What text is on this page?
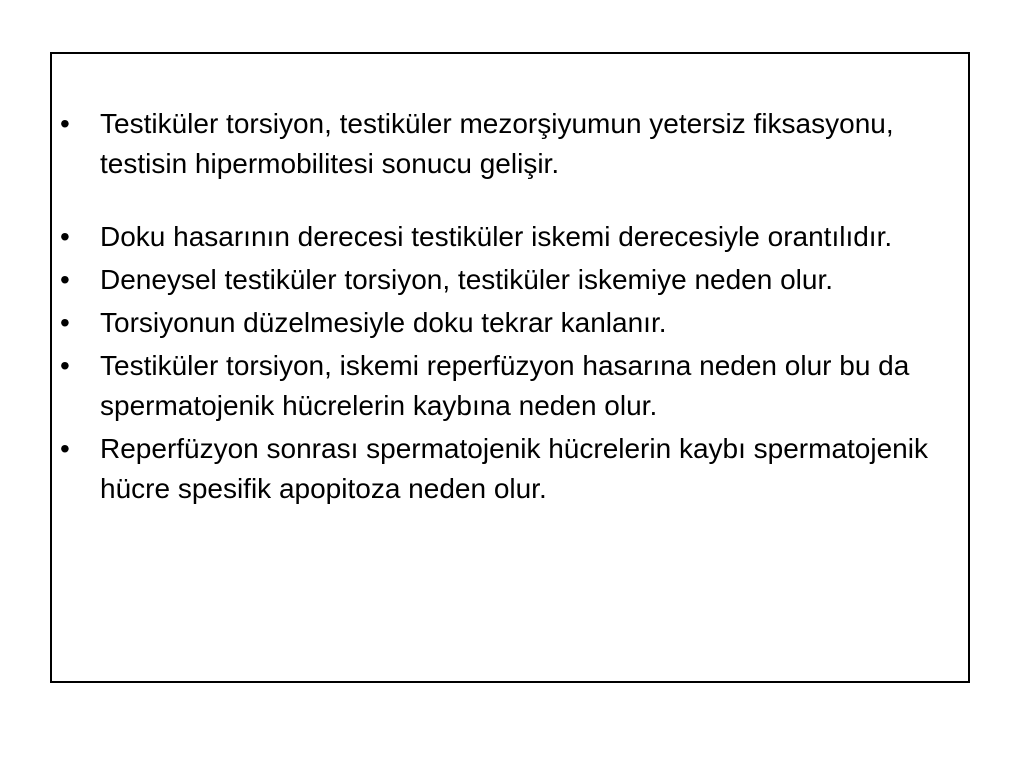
• Testiküler torsiyon, testiküler mezorşiyumun yetersiz fiksasyonu, testisin hipermobilitesi sonucu gelişir.
• Doku hasarının derecesi testiküler iskemi derecesiyle orantılıdır.
• Deneysel testiküler torsiyon, testiküler iskemiye neden olur.
• Torsiyonun düzelmesiyle doku tekrar kanlanır.
• Testiküler torsiyon, iskemi reperfüzyon hasarına neden olur bu da spermatojenik hücrelerin kaybına neden olur.
• Reperfüzyon sonrası spermatojenik hücrelerin kaybı spermatojenik hücre spesifik apopitoza neden olur.
